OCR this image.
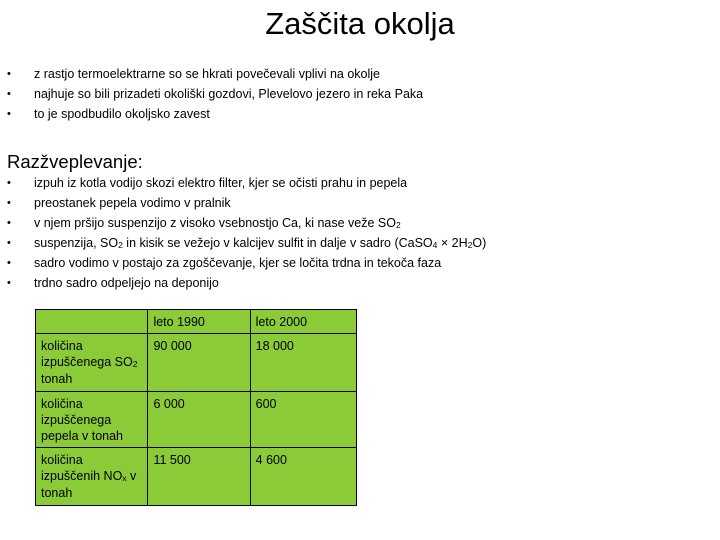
Zaščita okolja
• z rastjo termoelektrarne so se hkrati povečevali vplivi na okolje
• najhuje so bili prizadeti okoliški gozdovi, Plevelovo jezero in reka Paka
• to je spodbudilo okoljsko zavest
Razžveplevanje:
• izpuh iz kotla vodijo skozi elektro filter, kjer se očisti prahu in pepela
• preostanek pepela vodimo v pralnik
• v njem pršijo suspenzijo z visoko vsebnostjo Ca, ki nase veže $SO_2$
• suspenzija, $SO_2$ in kisik se vežejo v kalcijev sulfit in dalje v sadro (CaSO$_4$ × $2H_2O$)
• sadro vodimo v postajo za zgoščevanje, kjer se ločita trdna in tekoča faza
• trdno sadro odpeljejo na deponijo
	leto 1990	leto 2000
količina izpuščenega $SO_2$ tonah	90 000	18 000
količina izpuščenega pepela v tonah	6 000	600
količina izpuščenih $NO_x$ v tonah	11 500	4 600
